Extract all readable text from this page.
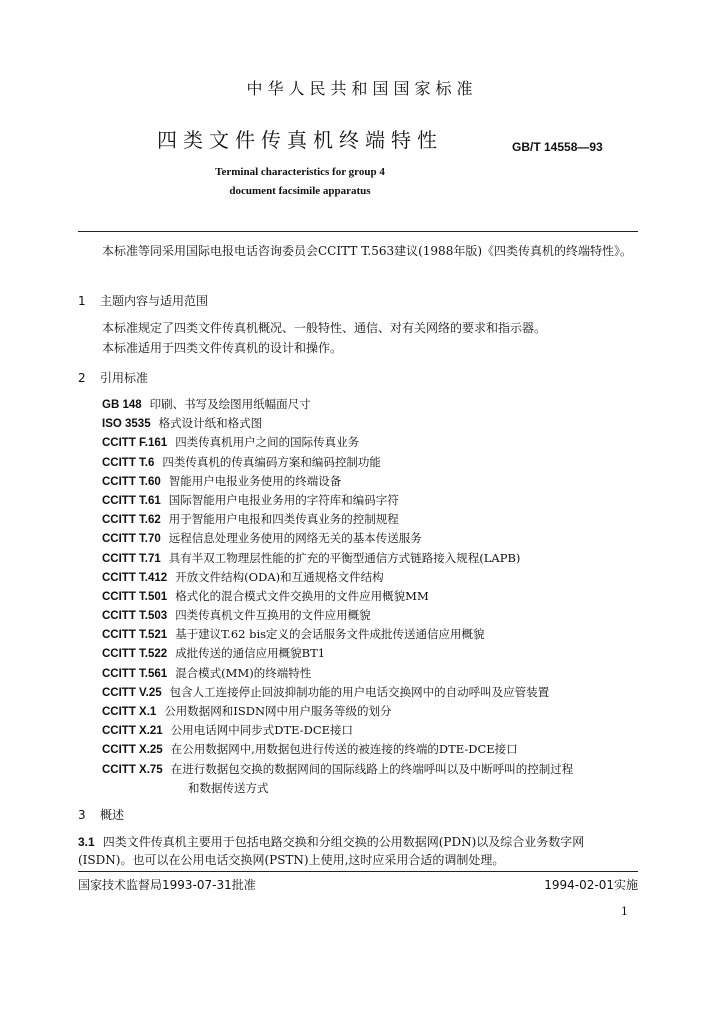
中华人民共和国国家标准
四类文件传真机终端特性	GB/T 14558—93
Terminal characteristics for group 4
document facsimile apparatus
本标准等同采用国际电报电话咨询委员会CCITT T.563建议(1988年版)《四类传真机的终端特性》。
1 主题内容与适用范围
本标准规定了四类文件传真机概况、一般特性、通信、对有关网络的要求和指示器。
本标准适用于四类文件传真机的设计和操作。
2 引用标准
GB 148 印刷、书写及绘图用纸幅面尺寸
ISO 3535 格式设计纸和格式图
CCITT F.161 四类传真机用户之间的国际传真业务
CCITT T.6 四类传真机的传真编码方案和编码控制功能
CCITT T.60 智能用户电报业务使用的终端设备
CCITT T.61 国际智能用户电报业务用的字符库和编码字符
CCITT T.62 用于智能用户电报和四类传真业务的控制规程
CCITT T.70 远程信息处理业务使用的网络无关的基本传送服务
CCITT T.71 具有半双工物理层性能的扩充的平衡型通信方式链路接入规程(LAPB)
CCITT T.412 开放文件结构(ODA)和互通规格文件结构
CCITT T.501 格式化的混合模式文件交换用的文件应用概貌MM
CCITT T.503 四类传真机文件互换用的文件应用概貌
CCITT T.521 基于建议T.62 bis定义的会话服务文件成批传送通信应用概貌
CCITT T.522 成批传送的通信应用概貌BT1
CCITT T.561 混合模式(MM)的终端特性
CCITT V.25 包含人工连接停止回波抑制功能的用户电话交换网中的自动呼叫及应管装置
CCITT X.1 公用数据网和ISDN网中用户服务等级的划分
CCITT X.21 公用电话网中同步式DTE-DCE接口
CCITT X.25 在公用数据网中,用数据包进行传送的被连接的终端的DTE-DCE接口
CCITT X.75 在进行数据包交换的数据网间的国际线路上的终端呼叫以及中断呼叫的控制过程
和数据传送方式
3 概述
3.1 四类文件传真机主要用于包括电路交换和分组交换的公用数据网(PDN)以及综合业务数字网(ISDN)。也可以在公用电话交换网(PSTN)上使用,这时应采用合适的调制处理。
国家技术监督局1993-07-31批准	1994-02-01实施
1
